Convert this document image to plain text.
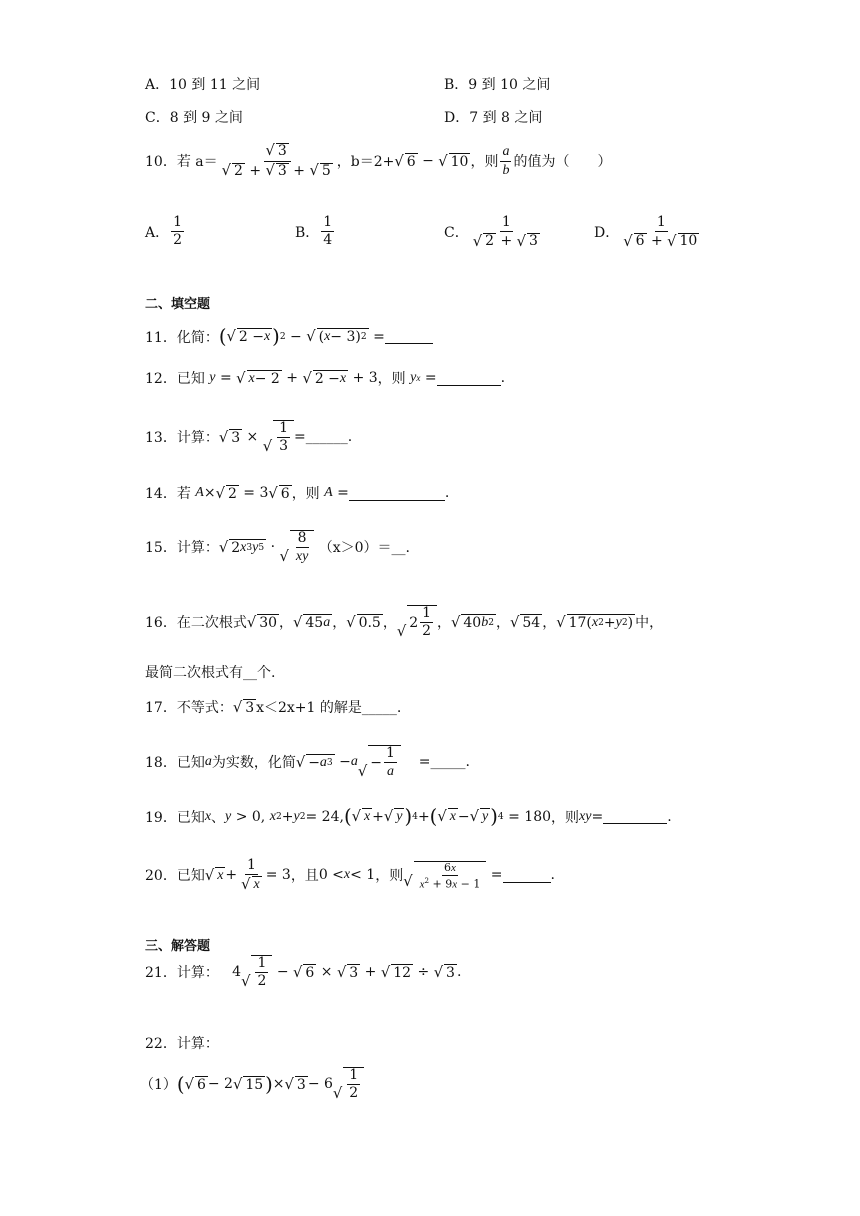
A．10 到 11 之间	B．9 到 10 之间
C．8 到 9 之间	D．7 到 8 之间
10． 若 $a= \frac{√ 3}{√ 2 + √ 3 + √ 5}$ ，b＝2+ √ 6 − √ 10 ，则 $\frac{a}{b}$ 的值为（　　）
A． $\frac{1}{2}$	B． $\frac{1}{4}$	C． $\frac{1}{√ 2 + √ 3}$	D． $\frac{1}{√ 6 + √ 10}$
二、填空题
11． 化简： ( √ 2 − x ) 2 − √ ( x − 3) 2 =
12． 已知
y = √ x − 2 + √ 2 − x + 3 ，则
y x =	.
13． 计算： √ 3 ×
√ $\frac{1}{3}$ =______.
14． 若
A × √ 2 = 3 √ 6 ，则
A =	.
15． 计算： √ 2 x 3 y 5 ·
√ $\frac{8}{xy}$
（x＞0）＝__.
16． 在二次根式 √ 30 ， √ 45 a ， √ 0.5 ， √ $2 \frac{1}{2}$ ， √ 40 b 2 ， √ 54 ， √ 17( x 2 + y 2 ) 中，
最简二次根式有__个.
17． 不等式： √ 3 x＜2x+1 的解是_____.
18． 已知 a 为实数，化简 √ − a 3 − a
√ − $\frac{1}{a}$
=_____.
19． 已知 x 、 y > 0, x 2 + y 2 = 24, ( √ x + √ y ) 4 + ( √ x − √ y ) 4 = 180 ，则 xy =	.
20． 已知 √ $x + \frac{1}{√ x} = 3$ ，且 0 < x < 1 ，则 √ $\frac{6x}{x^2 + 9x - 1}$ =	.
三、解答题
21． 计算： 4
√ $\frac{1}{2}$ − √ 6 × √ 3 + √ 12 ÷ √ 3 .
22． 计算：
（1） ( √ 6 − 2 √ 15 ) × √ 3 − 6
√ $\frac{1}{2}$
